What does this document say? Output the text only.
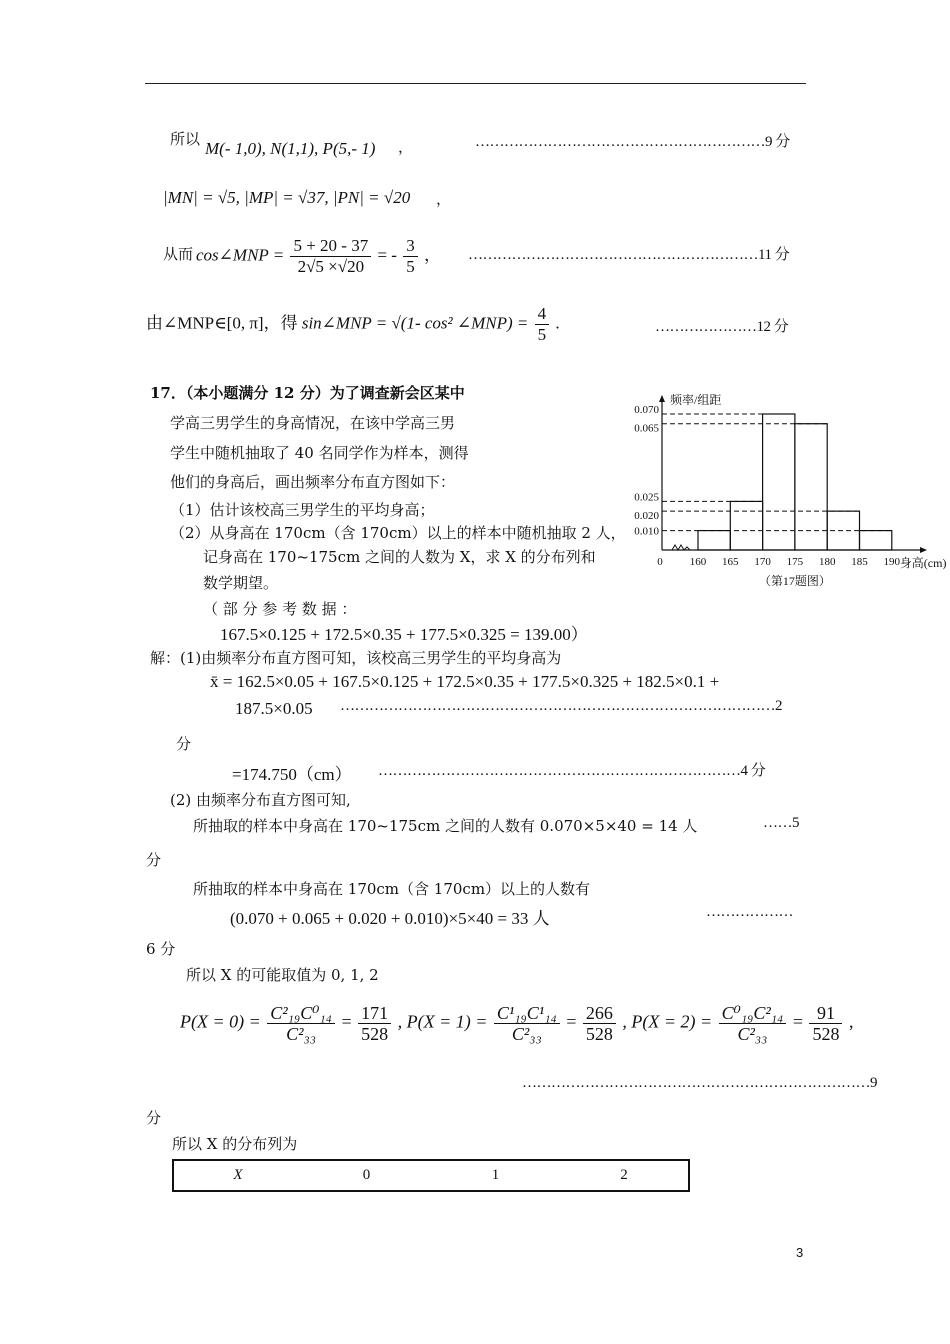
所以 M(- 1,0), N(1,1), P(5,- 1) ，	……………………………………………………9 分
|MN| = √5, |MP| = √37, |PN| = √20 ，
从而 cos∠MNP = $\frac{5 + 20 - 37}{2√5 \times√20}$ = - $\frac{3}{5}$ ， ……………………………………………………11 分
由∠MNP∈[0, π]，得 sin∠MNP = √(1- cos² ∠MNP) = $\frac{4}{5}$ .	…………………12 分
17．（本小题满分 12 分）为了调查新会区某中
学高三男学生的身高情况，在该中学高三男
学生中随机抽取了 40 名同学作为样本，测得
他们的身高后，画出频率分布直方图如下：
（1）估计该校高三男学生的平均身高；
（2）从身高在 170cm（含 170cm）以上的样本中随机抽取 2 人，
记身高在 170~175cm 之间的人数为 X，求 X 的分布列和
数学期望。
（ 部 分 参 考 数 据 ：
167.5×0.125 + 172.5×0.35 + 177.5×0.325 = 139.00）
频率/组距
0.070
0.065
0.025
0.020
0.010
160 165 170 175 180 185 190
0	身高(cm)
（第17题图）
解：(1)由频率分布直方图可知，该校高三男学生的平均身高为
x̄ = 162.5×0.05 + 167.5×0.125 + 172.5×0.35 + 177.5×0.325 + 182.5×0.1 +
187.5×0.05 ………………………………………………………………………………2
分
=174.750（cm） …………………………………………………………………4 分
(2) 由频率分布直方图可知,
所抽取的样本中身高在 170~175cm 之间的人数有 0.070×5×40 = 14 人	……5
分
所抽取的样本中身高在 170cm（含 170cm）以上的人数有
(0.070 + 0.065 + 0.020 + 0.010)×5×40 = 33 人	………………
6 分
所以 X 的可能取值为 0, 1, 2
$P(X = 0) = \frac{\text{C²₁₉C⁰₁₄}}{\text{C²₃₃}} = \frac{171}{528}$ , $P(X = 1) = \frac{\text{C¹₁₉C¹₁₄}}{\text{C²₃₃}} = \frac{266}{528}$ , $P(X = 2) = \frac{\text{C⁰₁₉C²₁₄}}{\text{C²₃₃}} = \frac{91}{528}$ ,
………………………………………………………………9
分
所以 X 的分布列为
X	0	1	2
3
